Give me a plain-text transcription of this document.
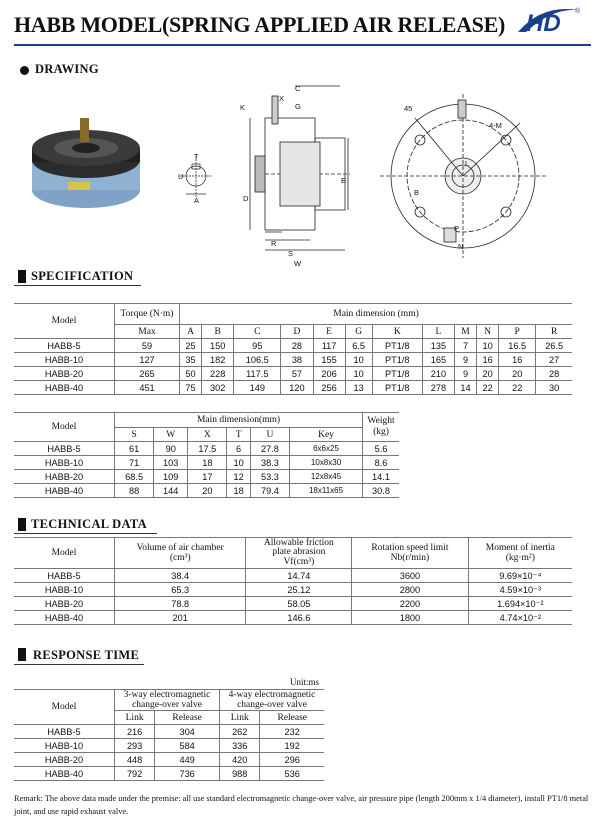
HABB MODEL(SPRING APPLIED AIR RELEASE) HD ®
DRAWING
T
U
A
K
X
C
G
D
E
R
S
W
45
4-M
L
B
P
N
SPECIFICATION
Model	Torque (N·m)	Main dimension (mm)											
	Max	A	B	C	D	E	G	K	L	M	N	P	R
HABB-5	59	25	150	95	28	117	6.5	PT1/8	135	7	10	16.5	26.5
HABB-10	127	35	182	106.5	38	155	10	PT1/8	165	9	16	16	27
HABB-20	265	50	228	117.5	57	206	10	PT1/8	210	9	20	20	28
HABB-40	451	75	302	149	120	256	13	PT1/8	278	14	22	22	30
Model	Main dimension(mm)						Weight
(kg)
	S	W	X	T	U	Key	
HABB-5	61	90	17.5	6	27.8	6x6x25	5.6
HABB-10	71	103	18	10	38.3	10x8x30	8.6
HABB-20	68.5	109	17	12	53.3	12x8x45	14.1
HABB-40	88	144	20	18	79.4	18x11x65	30.8
TECHNICAL DATA
Model	Volume of air chamber
(cm³)	Allowable friction
plate abrasion
Vf(cm³)	Rotation speed limit
Nb(r/min)	Moment of inertia
(kg·m²)
HABB-5	38.4	14.74	3600	9.69×10⁻⁴
HABB-10	65.3	25.12	2800	4.59×10⁻³
HABB-20	78.8	58.05	2200	1.694×10⁻²
HABB-40	201	146.6	1800	4.74×10⁻²
RESPONSE TIME
Unit:ms
Model	3-way electromagnetic
change-over valve		4-way electromagnetic
change-over valve	
	Link	Release	Link	Release
HABB-5	216	304	262	232
HABB-10	293	584	336	192
HABB-20	448	449	420	296
HABB-40	792	736	988	536
Remark: The above data made under the premise: all use standard electromagnetic change-over valve, air pressure pipe (length 200mm x 1/4 diameter), install PT1/8 metal joint, and use rapid exhaust valve.
